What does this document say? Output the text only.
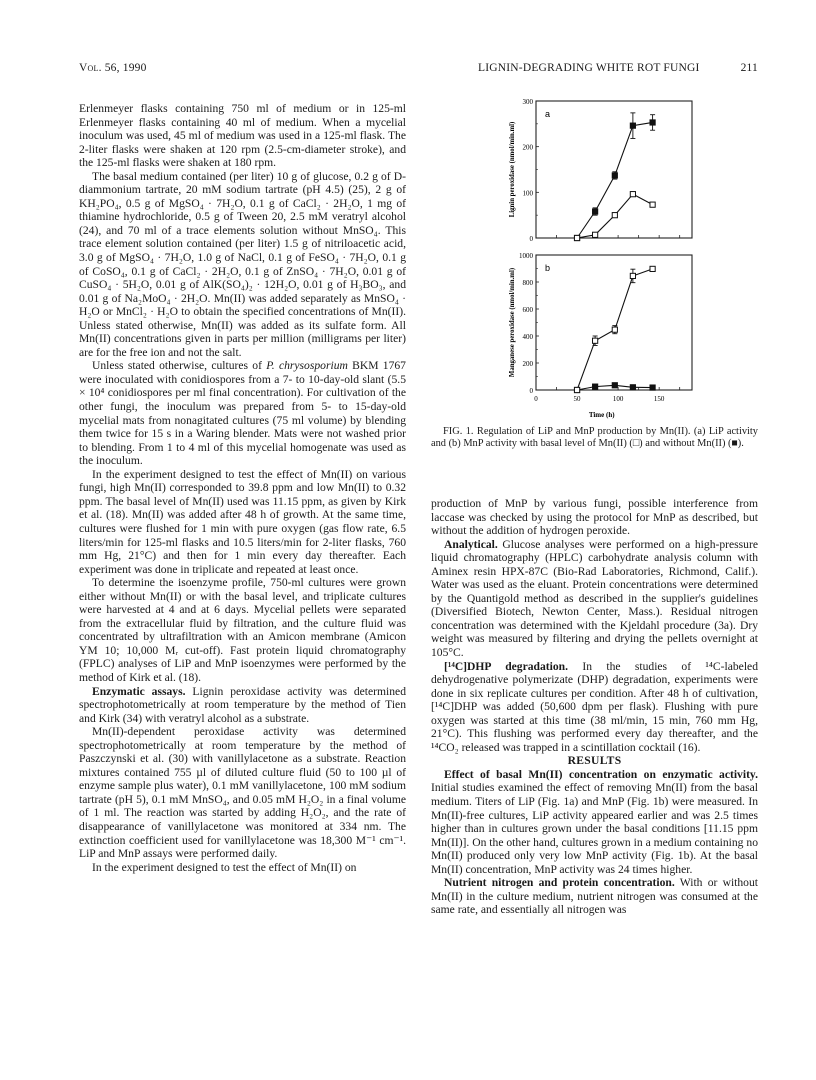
Vol. 56, 1990	LIGNIN-DEGRADING WHITE ROT FUNGI	211

Erlenmeyer flasks containing 750 ml of medium or in 125-ml Erlenmeyer flasks containing 40 ml of medium. When a mycelial inoculum was used, 45 ml of medium was used in a 125-ml flask. The 2-liter flasks were shaken at 120 rpm (2.5-cm-diameter stroke), and the 125-ml flasks were shaken at 180 rpm.

The basal medium contained (per liter) 10 g of glucose, 0.2 g of D-diammonium tartrate, 20 mM sodium tartrate (pH 4.5) (25), 2 g of KH₂PO₄, 0.5 g of MgSO₄ · 7H₂O, 0.1 g of CaCl₂ · 2H₂O, 1 mg of thiamine hydrochloride, 0.5 g of Tween 20, 2.5 mM veratryl alcohol (24), and 70 ml of a trace elements solution without MnSO₄. This trace element solution contained (per liter) 1.5 g of nitriloacetic acid, 3.0 g of MgSO₄ · 7H₂O, 1.0 g of NaCl, 0.1 g of FeSO₄ · 7H₂O, 0.1 g of CoSO₄, 0.1 g of CaCl₂ · 2H₂O, 0.1 g of ZnSO₄ · 7H₂O, 0.01 g of CuSO₄ · 5H₂O, 0.01 g of AlK(SO₄)₂ · 12H₂O, 0.01 g of H₃BO₃, and 0.01 g of Na₂MoO₄ · 2H₂O. Mn(II) was added separately as MnSO₄ · H₂O or MnCl₂ · H₂O to obtain the specified concentrations of Mn(II). Unless stated otherwise, Mn(II) was added as its sulfate form. All Mn(II) concentrations given in parts per million (milligrams per liter) are for the free ion and not the salt.

Unless stated otherwise, cultures of P. chrysosporium BKM 1767 were inoculated with conidiospores from a 7- to 10-day-old slant (5.5 × 10⁴ conidiospores per ml final concentration). For cultivation of the other fungi, the inoculum was prepared from 5- to 15-day-old mycelial mats from nonagitated cultures (75 ml volume) by blending them twice for 15 s in a Waring blender. Mats were not washed prior to blending. From 1 to 4 ml of this mycelial homogenate was used as the inoculum.

In the experiment designed to test the effect of Mn(II) on various fungi, high Mn(II) corresponded to 39.8 ppm and low Mn(II) to 0.32 ppm. The basal level of Mn(II) used was 11.15 ppm, as given by Kirk et al. (18). Mn(II) was added after 48 h of growth. At the same time, cultures were flushed for 1 min with pure oxygen (gas flow rate, 6.5 liters/min for 125-ml flasks and 10.5 liters/min for 2-liter flasks, 760 mm Hg, 21°C) and then for 1 min every day thereafter. Each experiment was done in triplicate and repeated at least once.

To determine the isoenzyme profile, 750-ml cultures were grown either without Mn(II) or with the basal level, and triplicate cultures were harvested at 4 and at 6 days. Mycelial pellets were separated from the extracellular fluid by filtration, and the culture fluid was concentrated by ultrafiltration with an Amicon membrane (Amicon YM 10; 10,000 Mᵣ cut-off). Fast protein liquid chromatography (FPLC) analyses of LiP and MnP isoenzymes were performed by the method of Kirk et al. (18).

Enzymatic assays. Lignin peroxidase activity was determined spectrophotometrically at room temperature by the method of Tien and Kirk (34) with veratryl alcohol as a substrate.

Mn(II)-dependent peroxidase activity was determined spectrophotometrically at room temperature by the method of Paszczynski et al. (30) with vanillylacetone as a substrate. Reaction mixtures contained 755 µl of diluted culture fluid (50 to 100 µl of enzyme sample plus water), 0.1 mM vanillylacetone, 100 mM sodium tartrate (pH 5), 0.1 mM MnSO₄, and 0.05 mM H₂O₂ in a final volume of 1 ml. The reaction was started by adding H₂O₂, and the rate of disappearance of vanillylacetone was monitored at 334 nm. The extinction coefficient used for vanillylacetone was 18,300 M⁻¹ cm⁻¹. LiP and MnP assays were performed daily.

In the experiment designed to test the effect of Mn(II) on

0
100
200
300
a
Lignin peroxidase (nmol/min.ml)
0
200
400
600
800
1000
b
Manganese peroxidase (nmol/min.ml)
0	50	100	150
Time (h)

FIG. 1. Regulation of LiP and MnP production by Mn(II). (a) LiP activity and (b) MnP activity with basal level of Mn(II) (□) and without Mn(II) (■).

production of MnP by various fungi, possible interference from laccase was checked by using the protocol for MnP as described, but without the addition of hydrogen peroxide.

Analytical. Glucose analyses were performed on a high-pressure liquid chromatography (HPLC) carbohydrate analysis column with Aminex resin HPX-87C (Bio-Rad Laboratories, Richmond, Calif.). Water was used as the eluant. Protein concentrations were determined by the Quantigold method as described in the supplier's guidelines (Diversified Biotech, Newton Center, Mass.). Residual nitrogen concentration was determined with the Kjeldahl procedure (3a). Dry weight was measured by filtering and drying the pellets overnight at 105°C.

[¹⁴C]DHP degradation. In the studies of ¹⁴C-labeled dehydrogenative polymerizate (DHP) degradation, experiments were done in six replicate cultures per condition. After 48 h of cultivation, [¹⁴C]DHP was added (50,600 dpm per flask). Flushing with pure oxygen was started at this time (38 ml/min, 15 min, 760 mm Hg, 21°C). This flushing was performed every day thereafter, and the ¹⁴CO₂ released was trapped in a scintillation cocktail (16).

RESULTS

Effect of basal Mn(II) concentration on enzymatic activity. Initial studies examined the effect of removing Mn(II) from the basal medium. Titers of LiP (Fig. 1a) and MnP (Fig. 1b) were measured. In Mn(II)-free cultures, LiP activity appeared earlier and was 2.5 times higher than in cultures grown under the basal conditions [11.15 ppm Mn(II)]. On the other hand, cultures grown in a medium containing no Mn(II) produced only very low MnP activity (Fig. 1b). At the basal Mn(II) concentration, MnP activity was 24 times higher.

Nutrient nitrogen and protein concentration. With or without Mn(II) in the culture medium, nutrient nitrogen was consumed at the same rate, and essentially all nitrogen was
